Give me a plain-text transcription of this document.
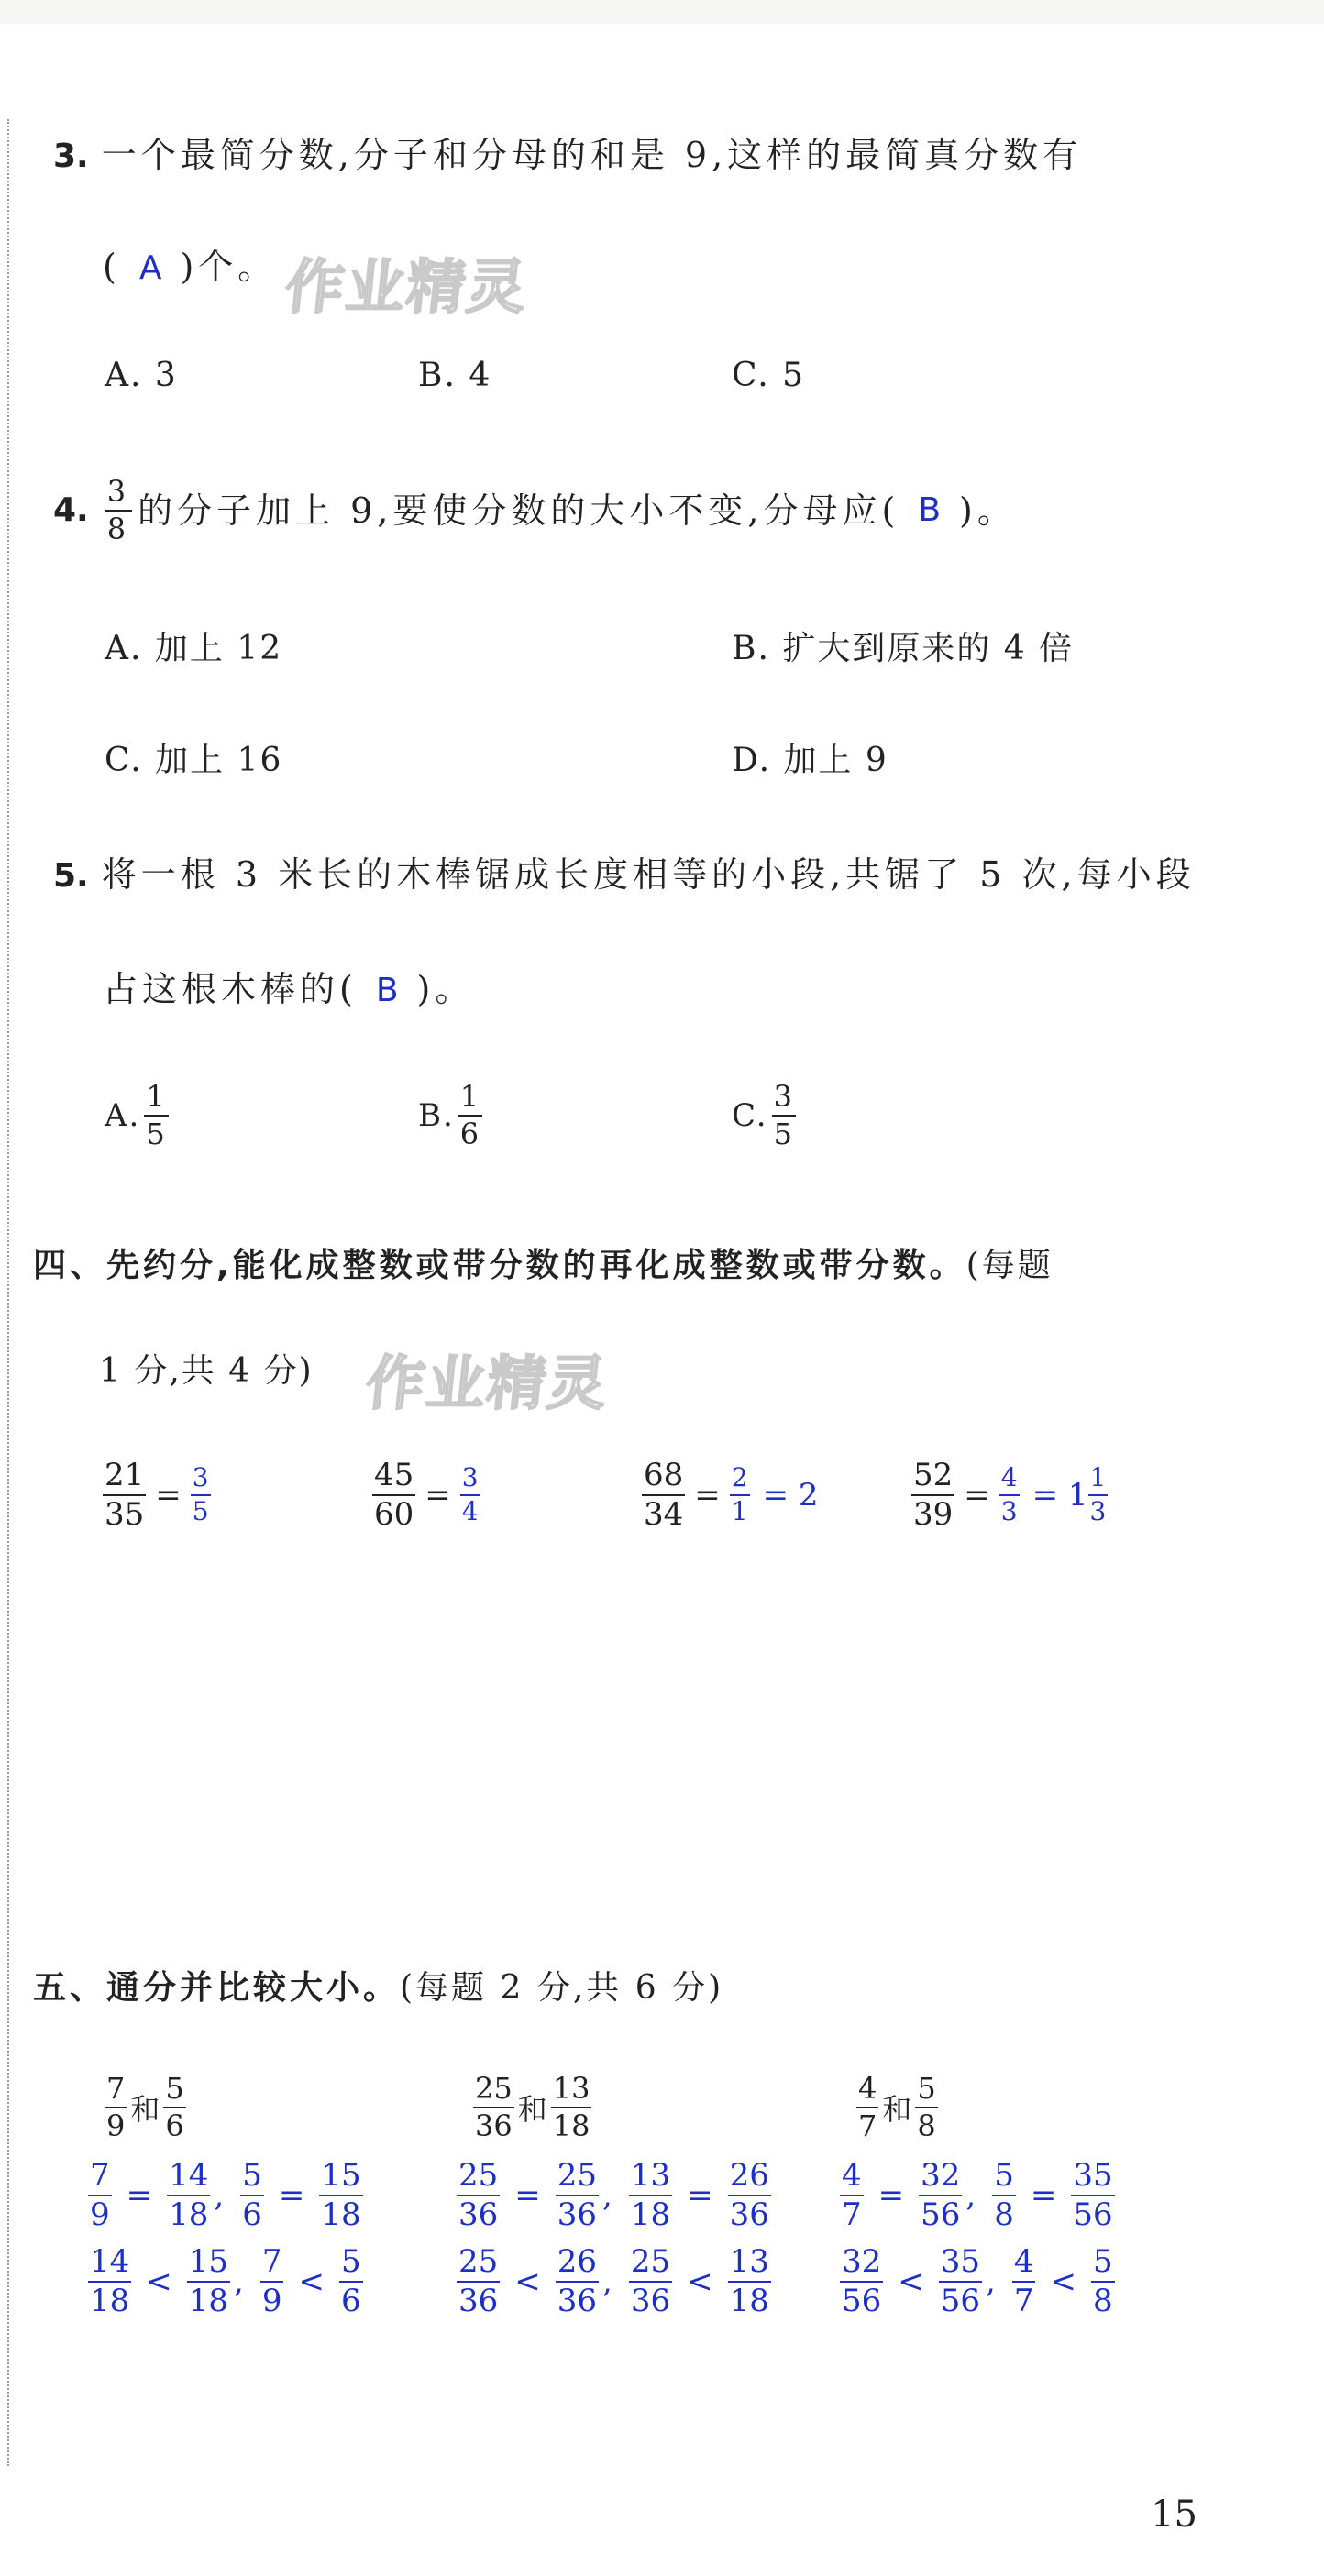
3. 一个最简分数,分子和分母的和是 9,这样的最简真分数有
( A )个。 作业精灵
A. 3	B. 4	C. 5
4. $\frac{3}{8}$ 的分子加上 9,要使分数的大小不变,分母应( B )。
A. 加上 12	B. 扩大到原来的 4 倍
C. 加上 16	D. 加上 9
5. 将一根 3 米长的木棒锯成长度相等的小段,共锯了 5 次,每小段
占这根木棒的( B )。
A. $\frac{1}{5}$	B. $\frac{1}{6}$	C. $\frac{3}{5}$
四、先约分,能化成整数或带分数的再化成整数或带分数。(每题
1 分,共 4 分) 作业精灵
$\frac{21}{35} = \frac{3}{5}$	$\frac{45}{60} = \frac{3}{4}$	$\frac{68}{34} = \frac{2}{1} = 2$	$\frac{52}{39} = \frac{4}{3} = 1 \frac{1}{3}$
五、通分并比较大小。(每题 2 分,共 6 分)
$\frac{7}{9}$ 和 $\frac{5}{6}$
$\frac{7}{9} = \frac{14}{18}$ , $\frac{5}{6} = \frac{15}{18}$
$\frac{14}{18} < \frac{15}{18}$ , $\frac{7}{9} < \frac{5}{6}$
$\frac{25}{36}$ 和 $\frac{13}{18}$
$\frac{25}{36} = \frac{25}{36}$ , $\frac{13}{18} = \frac{26}{36}$
$\frac{25}{36} < \frac{26}{36}$ , $\frac{25}{36} < \frac{13}{18}$
$\frac{4}{7}$ 和 $\frac{5}{8}$
$\frac{4}{7} = \frac{32}{56}$ , $\frac{5}{8} = \frac{35}{56}$
$\frac{32}{56} < \frac{35}{56}$ , $\frac{4}{7} < \frac{5}{8}$
15
